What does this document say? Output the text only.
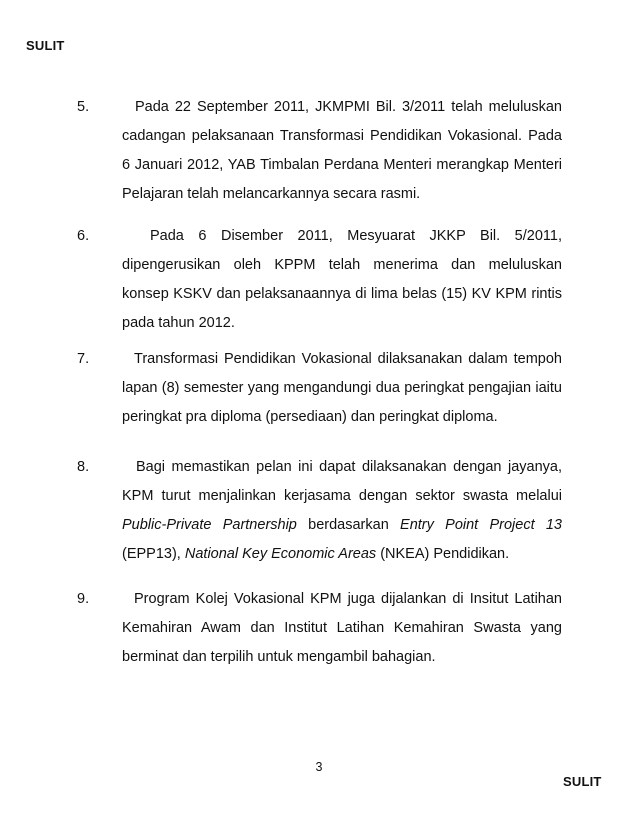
SULIT
5.	Pada 22 September 2011, JKMPMI Bil. 3/2011 telah meluluskan
cadangan pelaksanaan Transformasi Pendidikan Vokasional. Pada
6 Januari 2012, YAB Timbalan Perdana Menteri merangkap Menteri
Pelajaran telah melancarkannya secara rasmi.
6.	Pada 6 Disember 2011, Mesyuarat JKKP Bil. 5/2011,
dipengerusikan oleh KPPM telah menerima dan meluluskan
konsep KSKV dan pelaksanaannya di lima belas (15) KV KPM rintis
pada tahun 2012.
7.	Transformasi Pendidikan Vokasional dilaksanakan dalam tempoh
lapan (8) semester yang mengandungi dua peringkat pengajian iaitu
peringkat pra diploma (persediaan) dan peringkat diploma.
8.	Bagi memastikan pelan ini dapat dilaksanakan dengan jayanya,
KPM turut menjalinkan kerjasama dengan sektor swasta melalui
Public-Private Partnership berdasarkan Entry Point Project 13
(EPP13), National Key Economic Areas (NKEA) Pendidikan.
9.	Program Kolej Vokasional KPM juga dijalankan di Insitut Latihan
Kemahiran Awam dan Institut Latihan Kemahiran Swasta yang
berminat dan terpilih untuk mengambil bahagian.
3
SULIT
